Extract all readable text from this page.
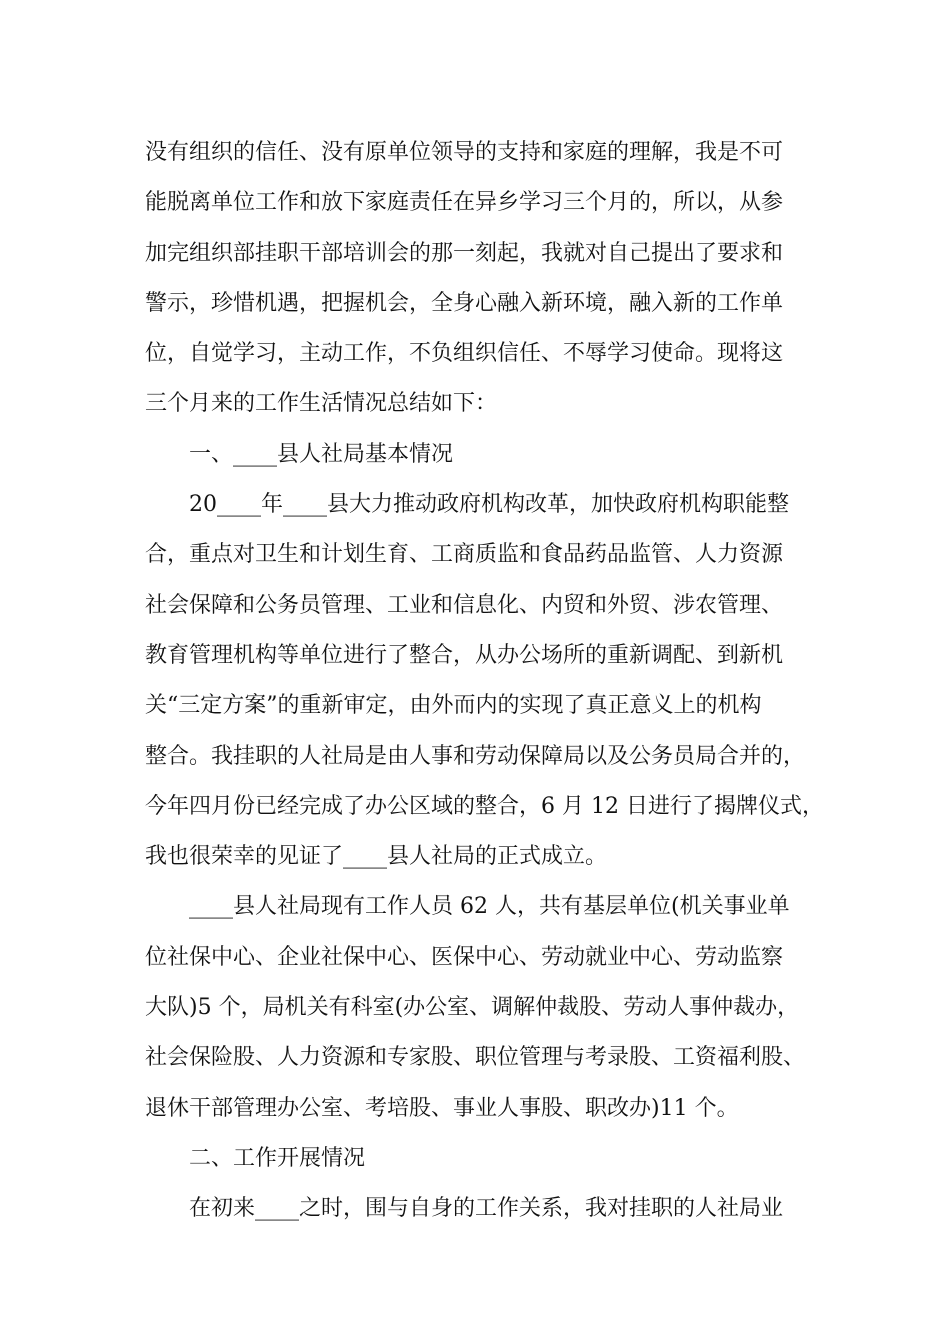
没有组织的信任、没有原单位领导的支持和家庭的理解，我是不可
能脱离单位工作和放下家庭责任在异乡学习三个月的，所以，从参
加完组织部挂职干部培训会的那一刻起，我就对自己提出了要求和
警示，珍惜机遇，把握机会，全身心融入新环境，融入新的工作单
位，自觉学习，主动工作，不负组织信任、不辱学习使命。现将这
三个月来的工作生活情况总结如下：
一、____县人社局基本情况
20____年____县大力推动政府机构改革，加快政府机构职能整
合，重点对卫生和计划生育、工商质监和食品药品监管、人力资源
社会保障和公务员管理、工业和信息化、内贸和外贸、涉农管理、
教育管理机构等单位进行了整合，从办公场所的重新调配、到新机
关“三定方案”的重新审定，由外而内的实现了真正意义上的机构
整合。我挂职的人社局是由人事和劳动保障局以及公务员局合并的，
今年四月份已经完成了办公区域的整合，6 月 12 日进行了揭牌仪式，
我也很荣幸的见证了____县人社局的正式成立。
____县人社局现有工作人员 62 人，共有基层单位(机关事业单
位社保中心、企业社保中心、医保中心、劳动就业中心、劳动监察
大队)5 个，局机关有科室(办公室、调解仲裁股、劳动人事仲裁办，
社会保险股、人力资源和专家股、职位管理与考录股、工资福利股、
退休干部管理办公室、考培股、事业人事股、职改办)11 个。
二、工作开展情况
在初来____之时，围与自身的工作关系，我对挂职的人社局业
